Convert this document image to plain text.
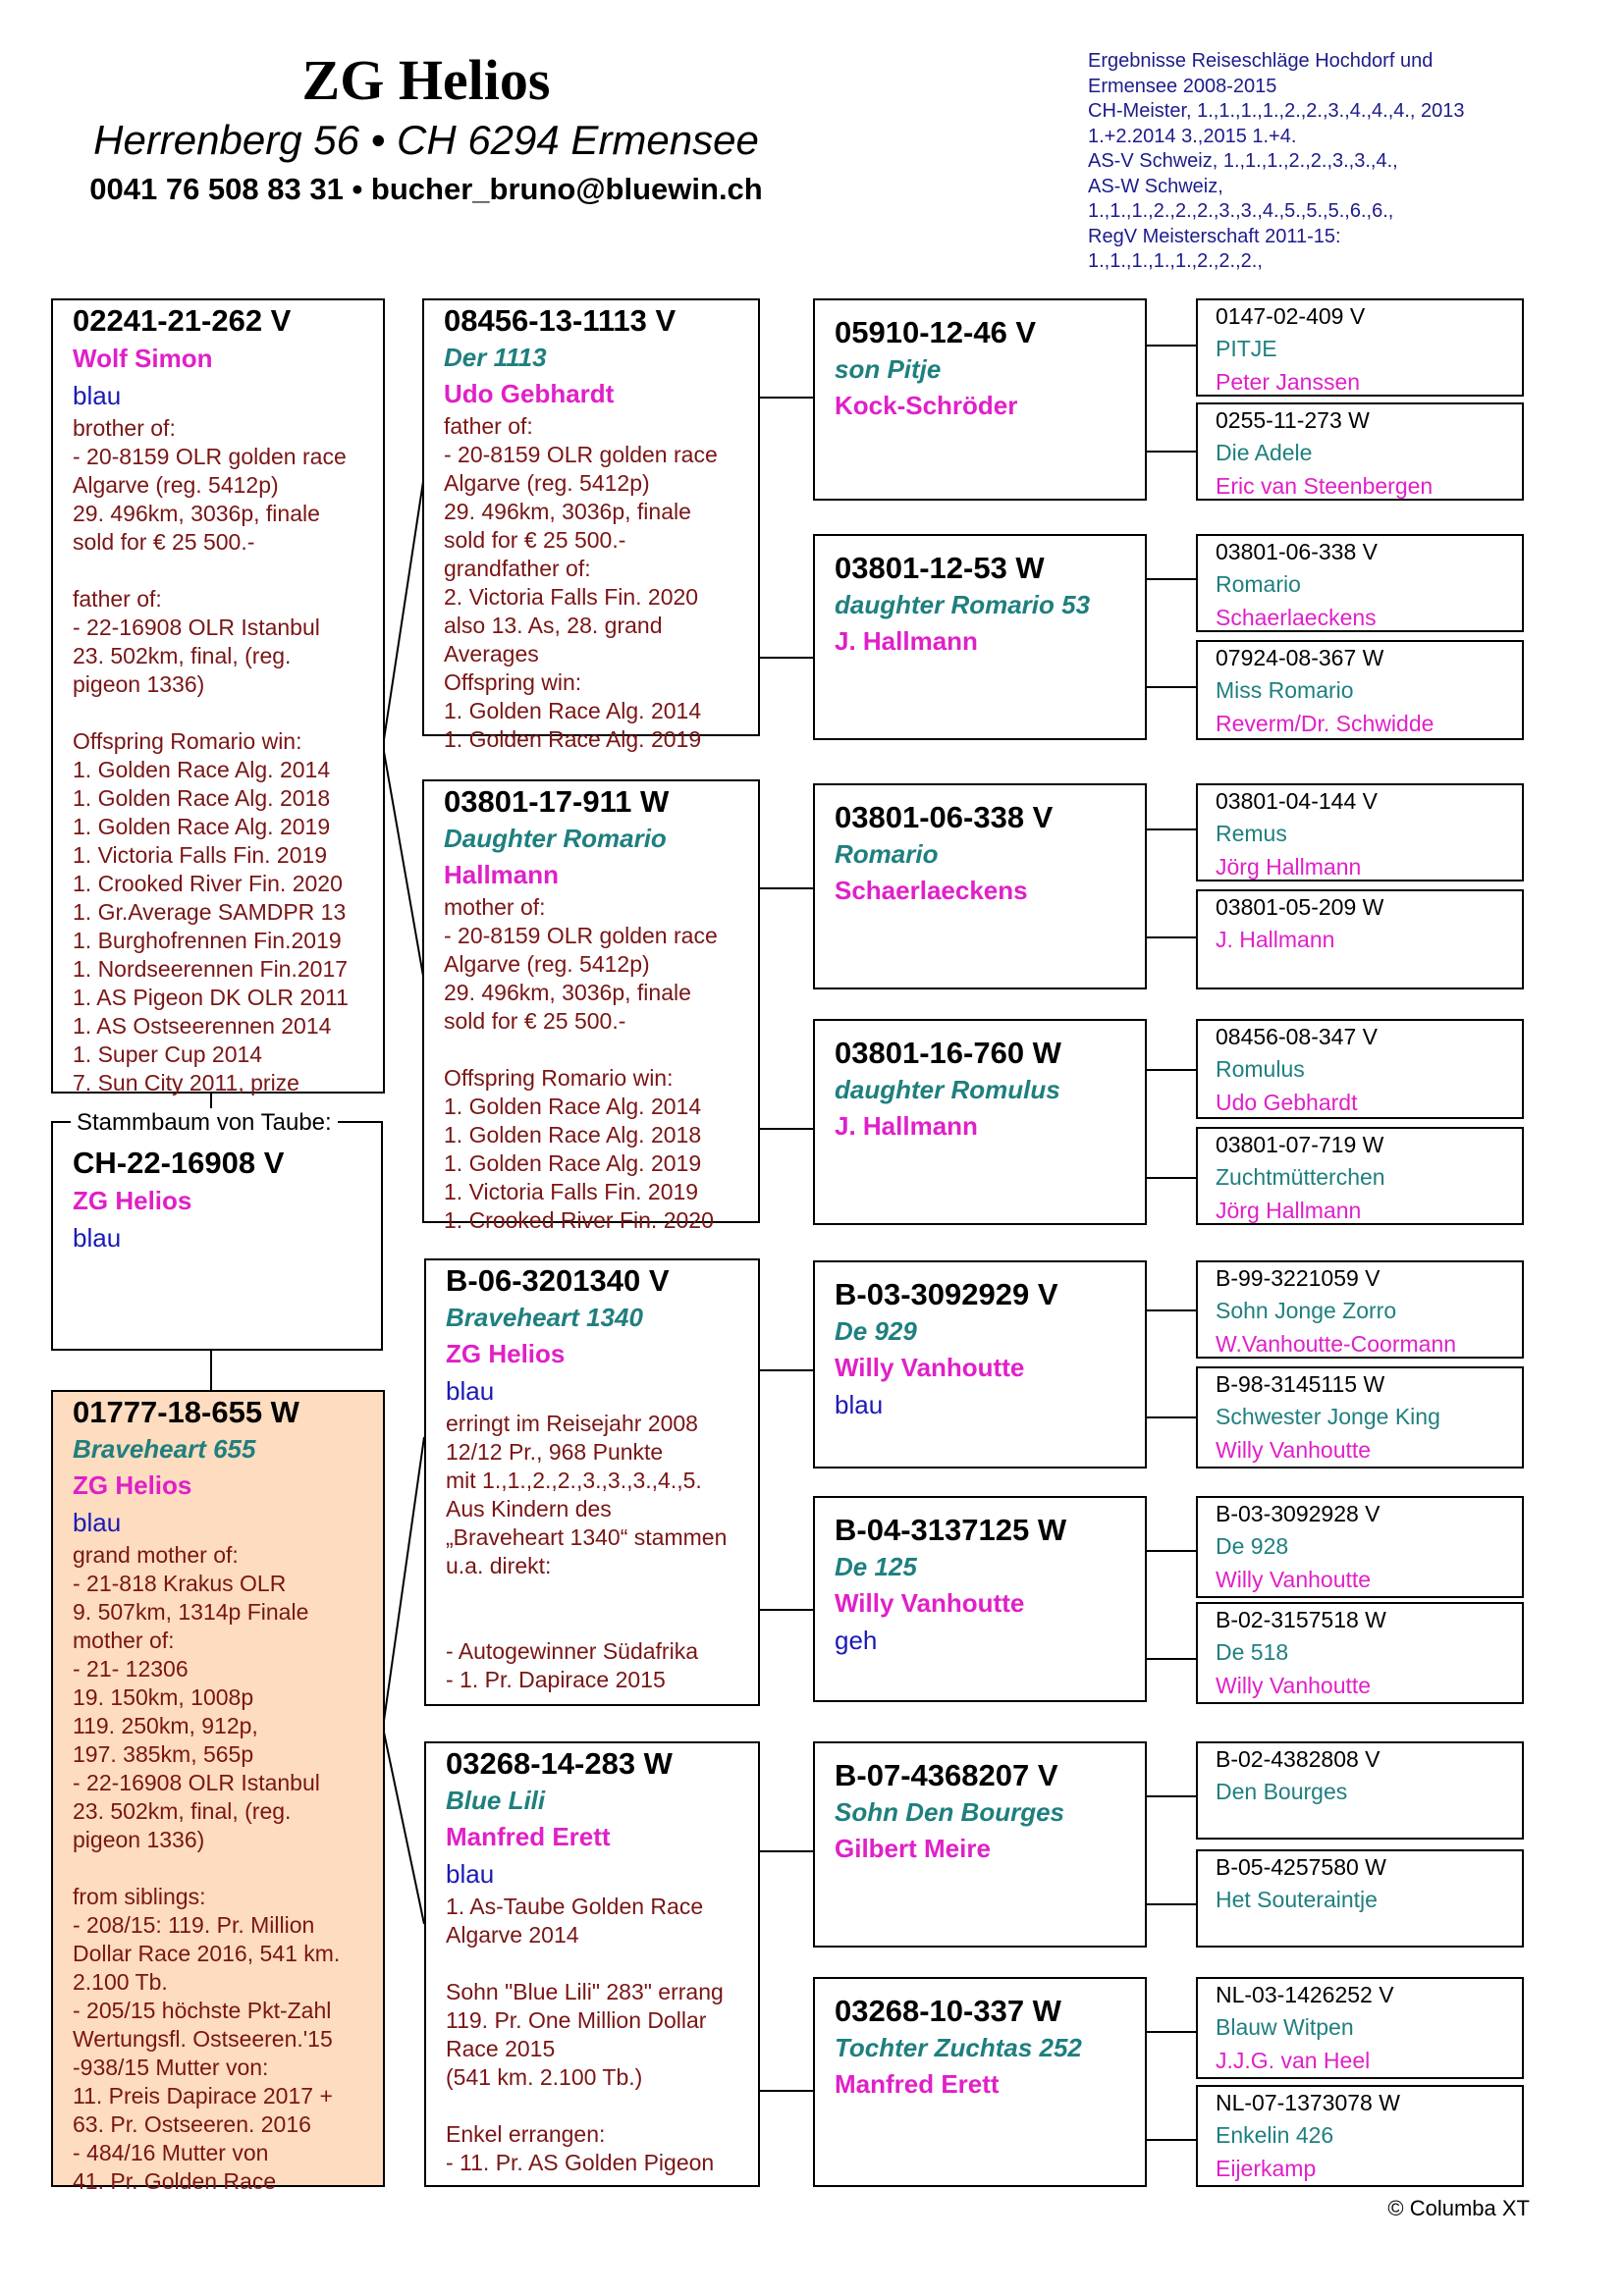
ZG Helios
Herrenberg 56 • CH 6294 Ermensee
0041 76 508 83 31 • bucher_bruno@bluewin.ch
Ergebnisse Reiseschläge Hochdorf und
Ermensee 2008-2015
CH-Meister, 1.,1.,1.,1.,2.,2.,3.,4.,4.,4., 2013
1.+2.2014 3.,2015 1.+4.
AS-V Schweiz, 1.,1.,1.,2.,2.,3.,3.,4.,
AS-W Schweiz,
1.,1.,1.,2.,2.,2.,3.,3.,4.,5.,5.,5.,6.,6.,
RegV Meisterschaft 2011-15:
1.,1.,1.,1.,1.,2.,2.,2.,
02241-21-262 V
Wolf Simon
blau
brother of:
- 20-8159 OLR golden race
Algarve (reg. 5412p)
29. 496km, 3036p, finale
sold for € 25 500.-

father of:
- 22-16908 OLR Istanbul
23. 502km, final, (reg.
pigeon 1336)

Offspring Romario win:
1. Golden Race Alg. 2014
1. Golden Race Alg. 2018
1. Golden Race Alg. 2019
1. Victoria Falls Fin. 2019
1. Crooked River Fin. 2020
1. Gr.Average SAMDPR 13
1. Burghofrennen Fin.2019
1. Nordseerennen Fin.2017
1. AS Pigeon DK OLR 2011
1. AS Ostseerennen 2014
1. Super Cup 2014
7. Sun City 2011, prize
CH-22-16908 V
ZG Helios
blau
Stammbaum von Taube:
01777-18-655 W
Braveheart 655
ZG Helios
blau
grand mother of:
- 21-818 Krakus OLR
9. 507km, 1314p Finale
mother of:
- 21- 12306
19. 150km, 1008p
119. 250km, 912p,
197. 385km, 565p
- 22-16908 OLR Istanbul
23. 502km, final, (reg.
pigeon 1336)

from siblings:
- 208/15: 119. Pr. Million
Dollar Race 2016, 541 km.
2.100 Tb.
- 205/15 höchste Pkt-Zahl
Wertungsfl. Ostseeren.'15
-938/15 Mutter von:
11. Preis Dapirace 2017 +
63. Pr. Ostseeren. 2016
- 484/16 Mutter von
41. Pr. Golden Race
08456-13-1113 V
Der 1113
Udo Gebhardt
father of:
- 20-8159 OLR golden race
Algarve (reg. 5412p)
29. 496km, 3036p, finale
sold for € 25 500.-
grandfather of:
2. Victoria Falls Fin. 2020
also 13. As, 28. grand
Averages
Offspring win:
1. Golden Race Alg. 2014
1. Golden Race Alg. 2019
03801-17-911 W
Daughter Romario
Hallmann
mother of:
- 20-8159 OLR golden race
Algarve (reg. 5412p)
29. 496km, 3036p, finale
sold for € 25 500.-

Offspring Romario win:
1. Golden Race Alg. 2014
1. Golden Race Alg. 2018
1. Golden Race Alg. 2019
1. Victoria Falls Fin. 2019
1. Crooked River Fin. 2020
B-06-3201340 V
Braveheart 1340
ZG Helios
blau
erringt im Reisejahr 2008
12/12 Pr., 968 Punkte
mit 1.,1.,2.,2.,3.,3.,3.,4.,5.
Aus Kindern des
„Braveheart 1340“ stammen
u.a. direkt:

- Autogewinner Südafrika
- 1. Pr. Dapirace 2015
03268-14-283 W
Blue Lili
Manfred Erett
blau
1. As-Taube Golden Race
Algarve 2014

Sohn "Blue Lili" 283" errang
119. Pr. One Million Dollar
Race 2015
(541 km. 2.100 Tb.)

Enkel errangen:
- 11. Pr. AS Golden Pigeon
05910-12-46 V
son Pitje
Kock-Schröder
03801-12-53 W
daughter Romario 53
J. Hallmann
03801-06-338 V
Romario
Schaerlaeckens
03801-16-760 W
daughter Romulus
J. Hallmann
B-03-3092929 V
De 929
Willy Vanhoutte
blau
B-04-3137125 W
De 125
Willy Vanhoutte
geh
B-07-4368207 V
Sohn Den Bourges
Gilbert Meire
03268-10-337 W
Tochter Zuchtas 252
Manfred Erett
0147-02-409 V
PITJE
Peter Janssen
0255-11-273 W
Die Adele
Eric van Steenbergen
03801-06-338 V
Romario
Schaerlaeckens
07924-08-367 W
Miss Romario
Reverm/Dr. Schwidde
03801-04-144 V
Remus
Jörg Hallmann
03801-05-209 W
J. Hallmann
08456-08-347 V
Romulus
Udo Gebhardt
03801-07-719 W
Zuchtmütterchen
Jörg Hallmann
B-99-3221059 V
Sohn Jonge Zorro
W.Vanhoutte-Coormann
B-98-3145115 W
Schwester Jonge King
Willy Vanhoutte
B-03-3092928 V
De 928
Willy Vanhoutte
B-02-3157518 W
De 518
Willy Vanhoutte
B-02-4382808 V
Den Bourges
B-05-4257580 W
Het Souteraintje
NL-03-1426252 V
Blauw Witpen
J.J.G. van Heel
NL-07-1373078 W
Enkelin 426
Eijerkamp
© Columba XT
